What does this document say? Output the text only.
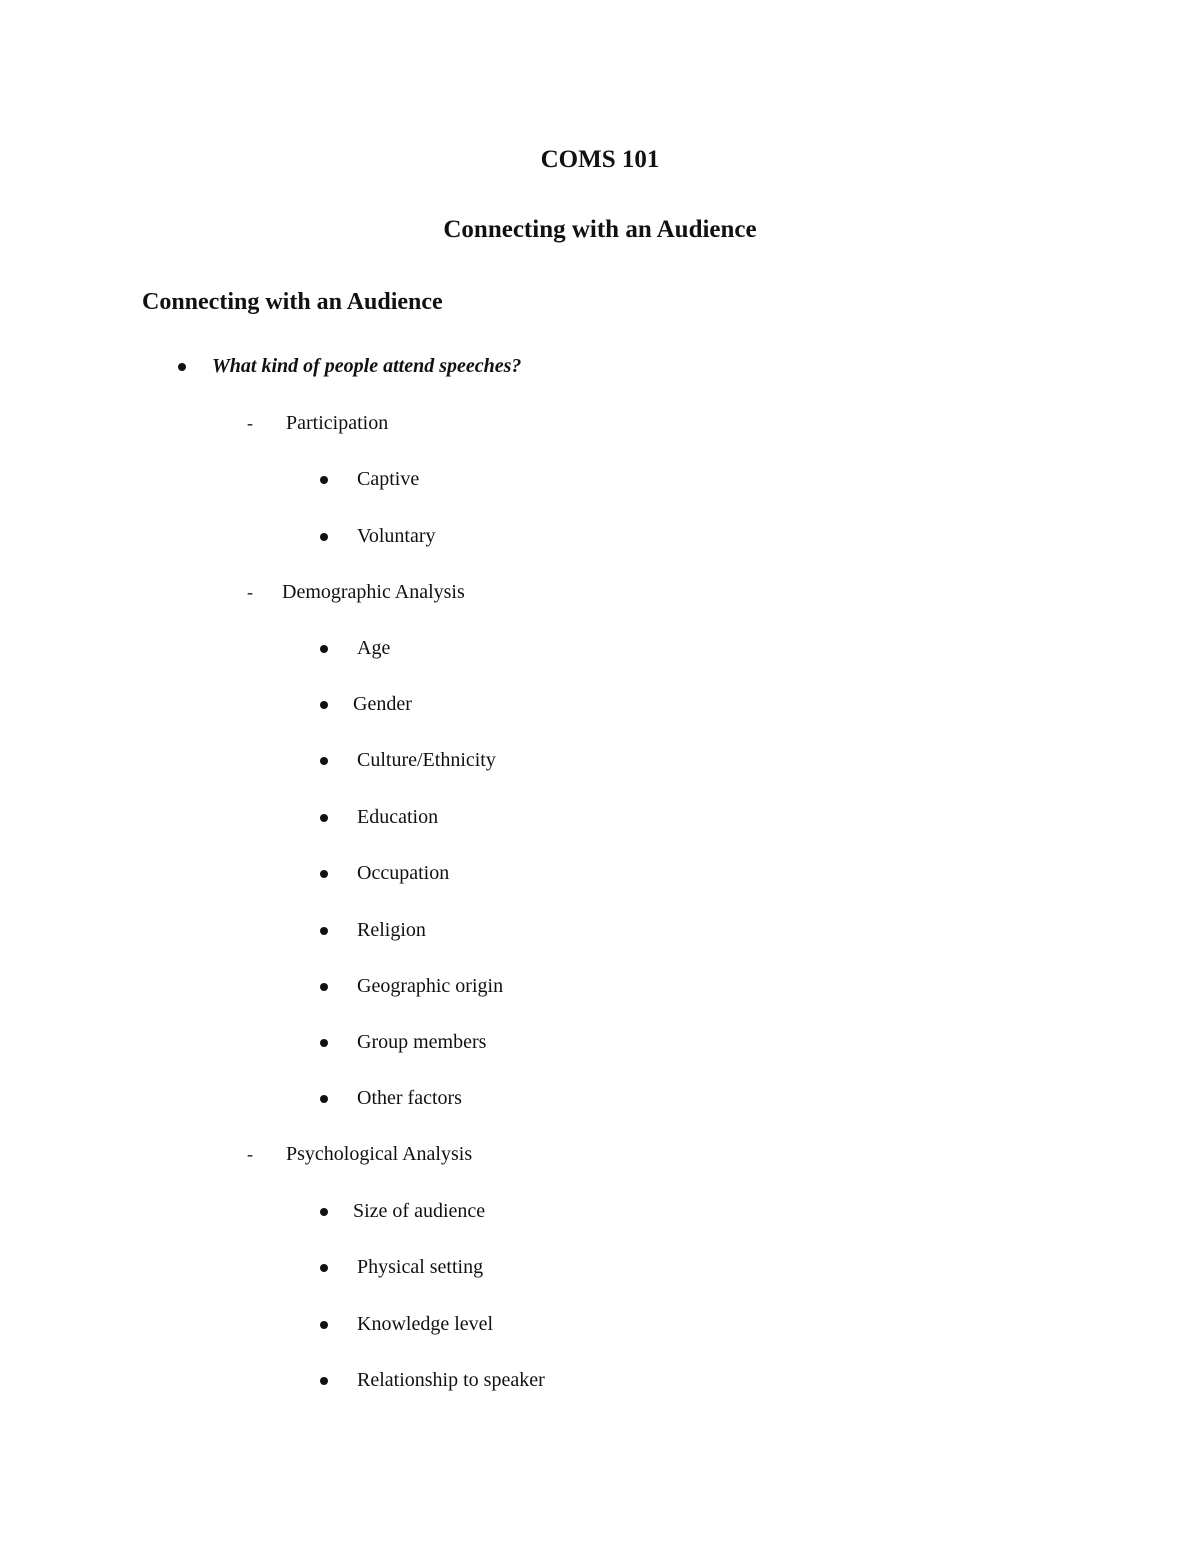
COMS 101
Connecting with an Audience
Connecting with an Audience
What kind of people attend speeches?
-	Participation
Captive
Voluntary
-	Demographic Analysis
Age
Gender
Culture/Ethnicity
Education
Occupation
Religion
Geographic origin
Group members
Other factors
-	Psychological Analysis
Size of audience
Physical setting
Knowledge level
Relationship to speaker
